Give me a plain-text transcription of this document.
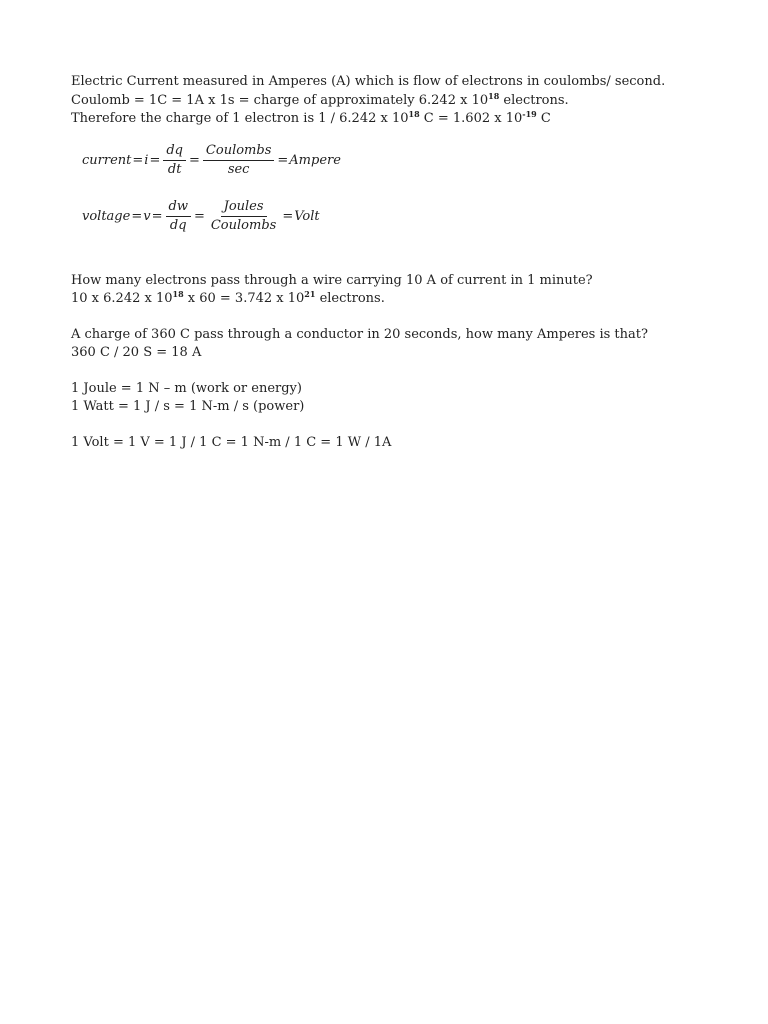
Electric Current measured in Amperes (A) which is flow of electrons in coulombs/ second.
Coulomb = 1C = 1A x 1s = charge of approximately 6.242 x $10^{18}$ electrons.
Therefore the charge of 1 electron is 1 / 6.242 x $10^{18}$ C = 1.602 x $10^{-19}$ C
current = $i = \frac{dq}{dt} = \frac{\text{Coulombs}}{\sec}$ = Ampere
voltage = $v = \frac{dw}{dq} = \frac{\text{Joules}}{\text{Coulombs}}$ = Volt
How many electrons pass through a wire carrying 10 A of current in 1 minute?
10 x 6.242 x $10^{18}$ x 60 = 3.742 x $10^{21}$ electrons.
A charge of 360 C pass through a conductor in 20 seconds, how many Amperes is that?
360 C / 20 S = 18 A
1 Joule = 1 N – m (work or energy)
1 Watt = 1 J / s = 1 N-m / s (power)
1 Volt = 1 V = 1 J / 1 C = 1 N-m / 1 C = 1 W / 1A
